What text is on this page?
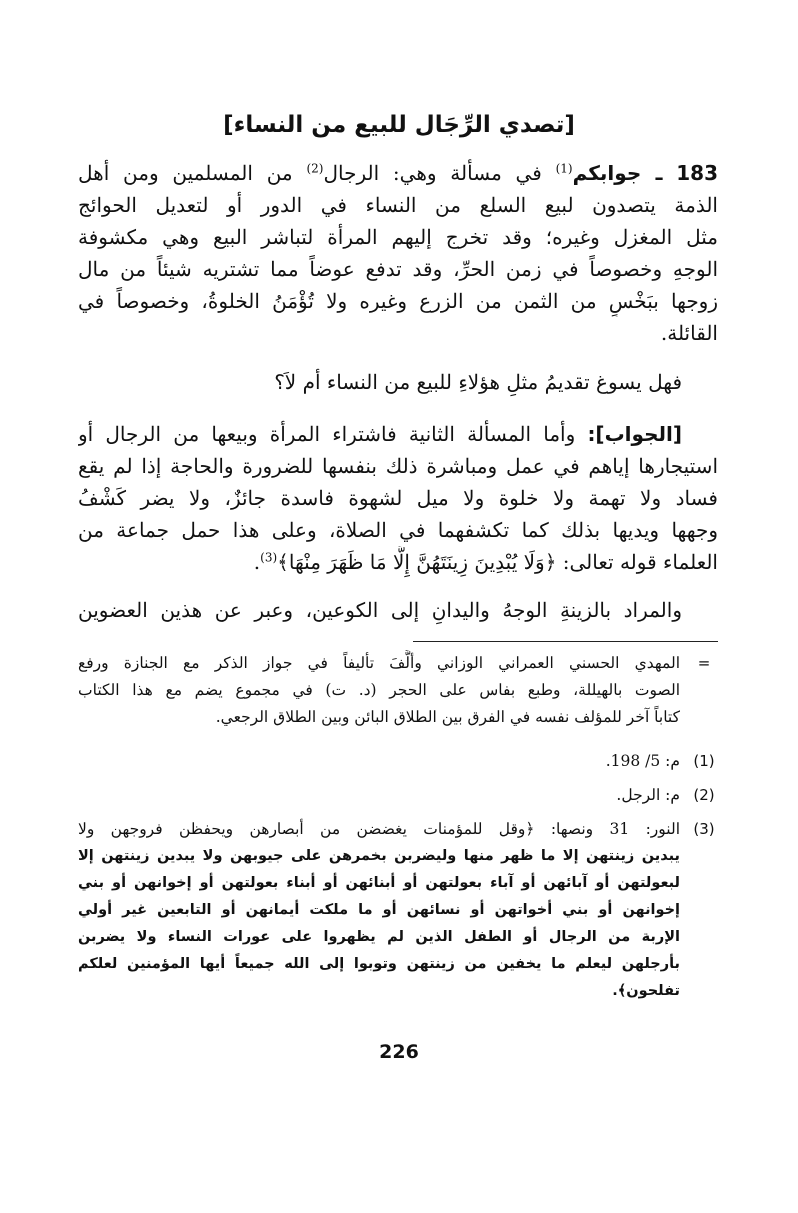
[تصدي الرِّجَال للبيع من النساء]
183 ـ جوابكم$^{(1)}$ في مسألة وهي: الرجال$^{(2)}$ من المسلمين ومن أهل
الذمة يتصدون لبيع السلع من النساء في الدور أو لتعديل الحوائج
مثل المغزل وغيره؛ وقد تخرج إليهم المرأة لتباشر البيع وهي مكشوفة
الوجهِ وخصوصاً في زمن الحرِّ، وقد تدفع عوضاً مما تشتريه شيئاً من مال
زوجها ببَخْسٍ من الثمن من الزرع وغيره ولا تُؤْمَنُ الخلوةُ، وخصوصاً في
القائلة.
فهل يسوغ تقديمُ مثلِ هؤلاءِ للبيع من النساء أم لاَ؟
[الجواب]: وأما المسألة الثانية فاشتراء المرأة وبيعها من الرجال أو
استيجارها إياهم في عمل ومباشرة ذلك بنفسها للضرورة والحاجة إذا لم يقع
فساد ولا تهمة ولا خلوة ولا ميل لشهوة فاسدة جائزٌ، ولا يضر كَشْفُ
وجهها ويديها بذلك كما تكشفهما في الصلاة، وعلى هذا حمل جماعة من
العلماء قوله تعالى: ﴿وَلَا يُبْدِينَ زِينَتَهُنَّ إِلَّا مَا ظَهَرَ مِنْهَا﴾$^{(3)}$.
والمراد بالزينةِ الوجهُ واليدانِ إلى الكوعين، وعبر عن هذين العضوين
=
المهدي الحسني العمراني الوزاني وألَّفَ تأليفاً في جواز الذكر مع الجنازة ورفع
الصوت بالهيللة، وطبع بفاس على الحجر (د. ت) في مجموع يضم مع هذا الكتاب
كتاباً آخر للمؤلف نفسه في الفرق بين الطلاق البائن وبين الطلاق الرجعي.
(1)
م: 5/ 198.
(2)
م: الرجل.
(3)
النور: 31 ونصها: ﴿وقل للمؤمنات يغضضن من أبصارهن ويحفظن فروجهن ولا
يبدين زينتهن إلا ما ظهر منها وليضربن بخمرهن على جيوبهن ولا يبدين زينتهن إلا
لبعولتهن أو آبائهن أو آباء بعولتهن أو أبنائهن أو أبناء بعولتهن أو إخوانهن أو بني
إخوانهن أو بني أخواتهن أو نسائهن أو ما ملكت أيمانهن أو التابعين غير أولي
الإربة من الرجال أو الطفل الذين لم يظهروا على عورات النساء ولا يضربن
بأرجلهن ليعلم ما يخفين من زينتهن وتوبوا إلى الله جميعاً أيها المؤمنين لعلكم
تفلحون﴾.
226
